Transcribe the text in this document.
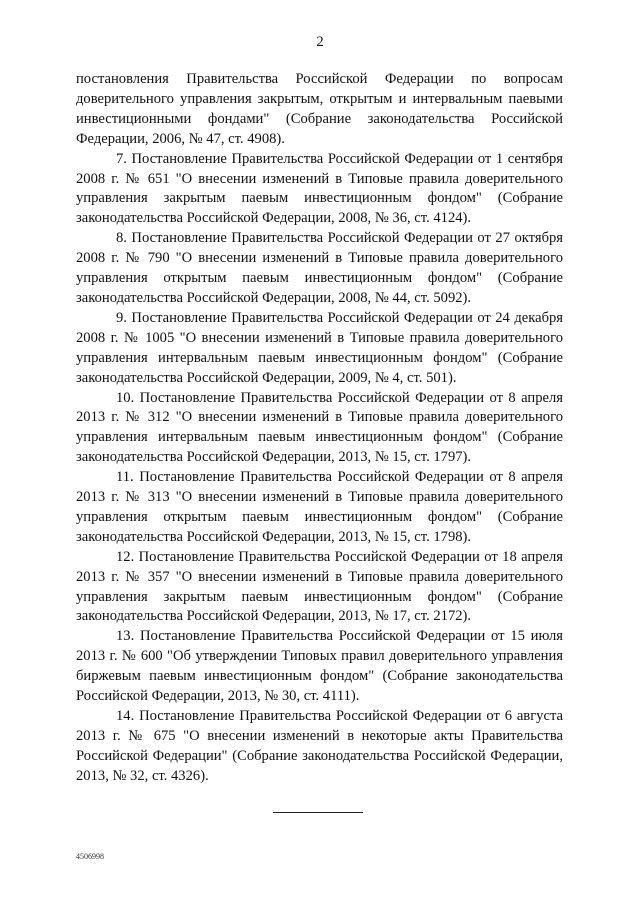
2

постановления Правительства Российской Федерации по вопросам доверительного управления закрытым, открытым и интервальным паевыми инвестиционными фондами" (Собрание законодательства Российской Федерации, 2006, № 47, ст. 4908).

7. Постановление Правительства Российской Федерации от 1 сентября 2008 г. № 651 "О внесении изменений в Типовые правила доверительного управления закрытым паевым инвестиционным фондом" (Собрание законодательства Российской Федерации, 2008, № 36, ст. 4124).

8. Постановление Правительства Российской Федерации от 27 октября 2008 г. № 790 "О внесении изменений в Типовые правила доверительного управления открытым паевым инвестиционным фондом" (Собрание законодательства Российской Федерации, 2008, № 44, ст. 5092).

9. Постановление Правительства Российской Федерации от 24 декабря 2008 г. № 1005 "О внесении изменений в Типовые правила доверительного управления интервальным паевым инвестиционным фондом" (Собрание законодательства Российской Федерации, 2009, № 4, ст. 501).

10. Постановление Правительства Российской Федерации от 8 апреля 2013 г. № 312 "О внесении изменений в Типовые правила доверительного управления интервальным паевым инвестиционным фондом" (Собрание законодательства Российской Федерации, 2013, № 15, ст. 1797).

11. Постановление Правительства Российской Федерации от 8 апреля 2013 г. № 313 "О внесении изменений в Типовые правила доверительного управления открытым паевым инвестиционным фондом" (Собрание законодательства Российской Федерации, 2013, № 15, ст. 1798).

12. Постановление Правительства Российской Федерации от 18 апреля 2013 г. № 357 "О внесении изменений в Типовые правила доверительного управления закрытым паевым инвестиционным фондом" (Собрание законодательства Российской Федерации, 2013, № 17, ст. 2172).

13. Постановление Правительства Российской Федерации от 15 июля 2013 г. № 600 "Об утверждении Типовых правил доверительного управления биржевым паевым инвестиционным фондом" (Собрание законодательства Российской Федерации, 2013, № 30, ст. 4111).

14. Постановление Правительства Российской Федерации от 6 августа 2013 г. № 675 "О внесении изменений в некоторые акты Правительства Российской Федерации" (Собрание законодательства Российской Федерации, 2013, № 32, ст. 4326).

4506998
